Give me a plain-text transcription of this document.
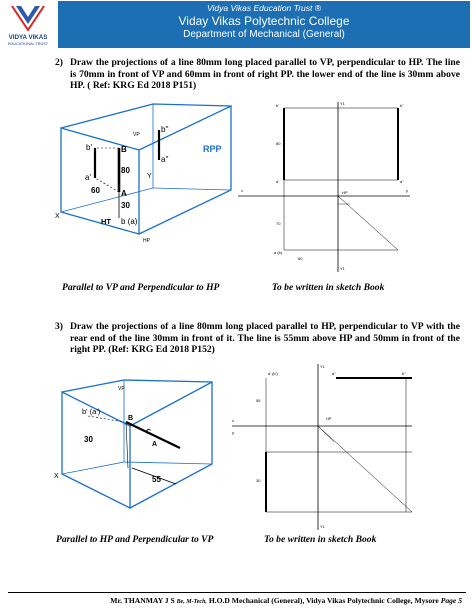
VIDYA VIKAS
EDUCATIONAL TRUST
Vidya Vikas Education Trust ®
Viday Vikas Polytechnic College
Department of Mechanical (General)
2) Draw the projections of a line 80mm long placed parallel to VP, perpendicular to HP. The line is 70mm in front of VP and 60mm in front of right PP. the lower end of the line is 30mm above HP. ( Ref: KRG Ed 2018 P151)
b'
b''
a'
a''
B
A
80
60
30
HT b (a)
RPP
VP
HP
X
Y
x	y
b'	b''
a'	a''
HP
a (b)
Y1
Y1
60
70
80
Parallel to VP and Perpendicular to HP	To be written in sketch Book
3) Draw the projections of a line 80mm long placed parallel to HP, perpendicular to VP with the rear end of the line 30mm in front of it. The line is 55mm above HP and 50mm in front of the right PP. (Ref: KRG Ed 2018 P152)
b' (a')
30
B
A
C
55
VP
X
x
y
a' (b')	a''	b''
HP
Y1
Y1
55
30
Parallel to HP and Perpendicular to VP	To be written in sketch Book
Mr. THANMAY J S Be, M-Tech, H.O.D Mechanical (General), Vidya Vikas Polytechnic College, Mysore Page 5
